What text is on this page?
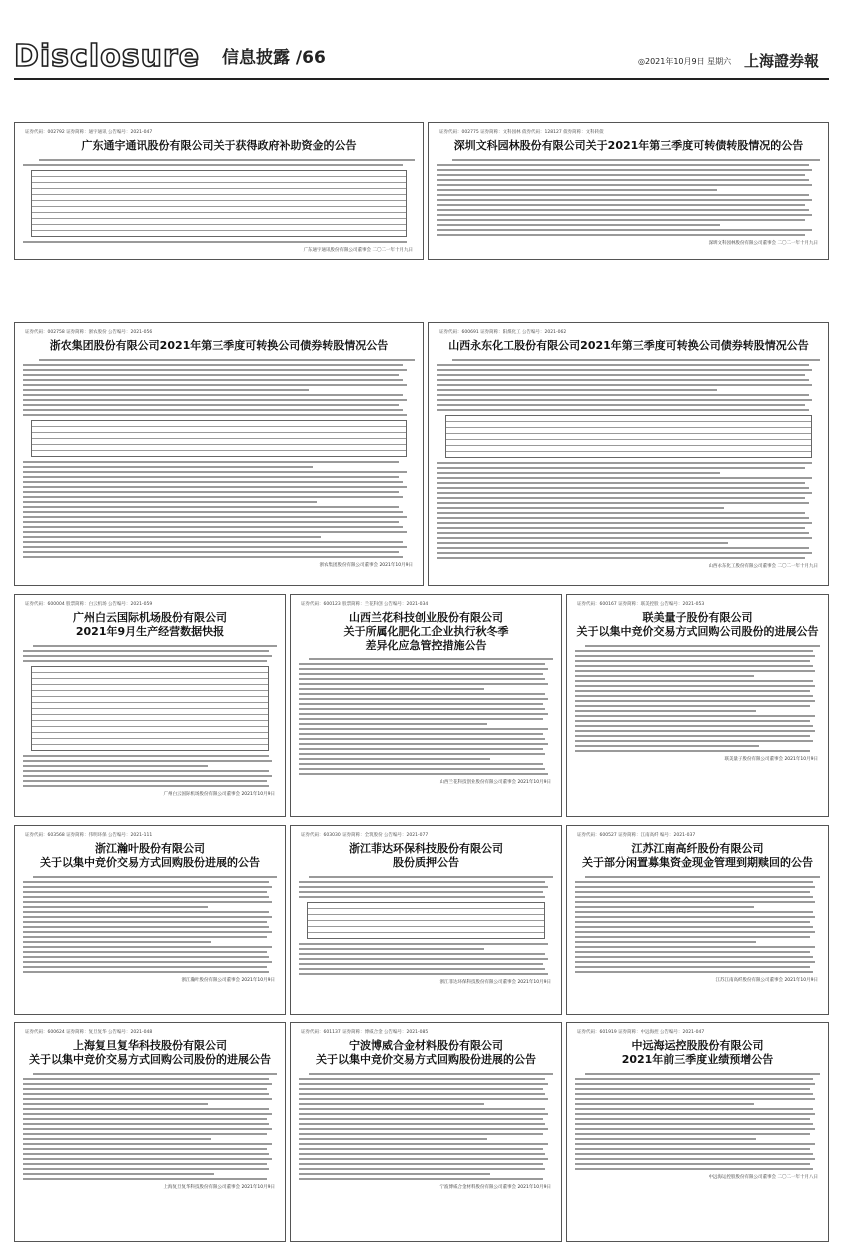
Disclosure 信息披露 /66	◎2021年10月9日 星期六 上海證券報
证券代码：002792 证券简称：通宇通讯 公告编号：2021-047
广东通宇通讯股份有限公司关于获得政府补助资金的公告
广东通宇通讯股份有限公司董事会 二〇二一年十月九日
证券代码：002775 证券简称：文科园林 债券代码：128127 债券简称：文科转债
深圳文科园林股份有限公司关于2021年第三季度可转债转股情况的公告
深圳文科园林股份有限公司董事会 二〇二一年十月九日
证券代码：002758 证券简称：浙农股份 公告编号：2021-056
浙农集团股份有限公司2021年第三季度可转换公司债券转股情况公告
浙农集团股份有限公司董事会 2021年10月9日
证券代码：600691 证券简称：阳煤化工 公告编号：2021-062
山西永东化工股份有限公司2021年第三季度可转换公司债券转股情况公告
山西永东化工股份有限公司董事会 二〇二一年十月九日
证券代码：600004 股票简称：白云机场 公告编号：2021-059
广州白云国际机场股份有限公司
2021年9月生产经营数据快报
广州白云国际机场股份有限公司董事会 2021年10月9日
证券代码：600123 股票简称：兰花科创 公告编号：2021-034
山西兰花科技创业股份有限公司
关于所属化肥化工企业执行秋冬季
差异化应急管控措施公告
山西兰花科技创业股份有限公司董事会 2021年10月9日
证券代码：600167 证券简称：联美控股 公告编号：2021-053
联美量子股份有限公司
关于以集中竞价交易方式回购公司股份的进展公告
联美量子股份有限公司董事会 2021年10月9日
证券代码：603568 证券简称：伟明环保 公告编号：2021-111
浙江瀚叶股份有限公司
关于以集中竞价交易方式回购股份进展的公告
浙江瀚叶股份有限公司董事会 2021年10月9日
证券代码：603030 证券简称：全筑股份 公告编号：2021-077
浙江菲达环保科技股份有限公司
股份质押公告
浙江菲达环保科技股份有限公司董事会 2021年10月9日
证券代码：600527 证券简称：江南高纤 编号：2021-037
江苏江南高纤股份有限公司
关于部分闲置募集资金现金管理到期赎回的公告
江苏江南高纤股份有限公司董事会 2021年10月9日
证券代码：600624 证券简称：复旦复华 公告编号：2021-048
上海复旦复华科技股份有限公司
关于以集中竞价交易方式回购公司股份的进展公告
上海复旦复华科技股份有限公司董事会 2021年10月9日
证券代码：601137 证券简称：博威合金 公告编号：2021-085
宁波博威合金材料股份有限公司
关于以集中竞价交易方式回购股份进展的公告
宁波博威合金材料股份有限公司董事会 2021年10月9日
证券代码：601919 证券简称：中远海控 公告编号：2021-047
中远海运控股股份有限公司
2021年前三季度业绩预增公告
中远海运控股股份有限公司董事会 二〇二一年十月八日
